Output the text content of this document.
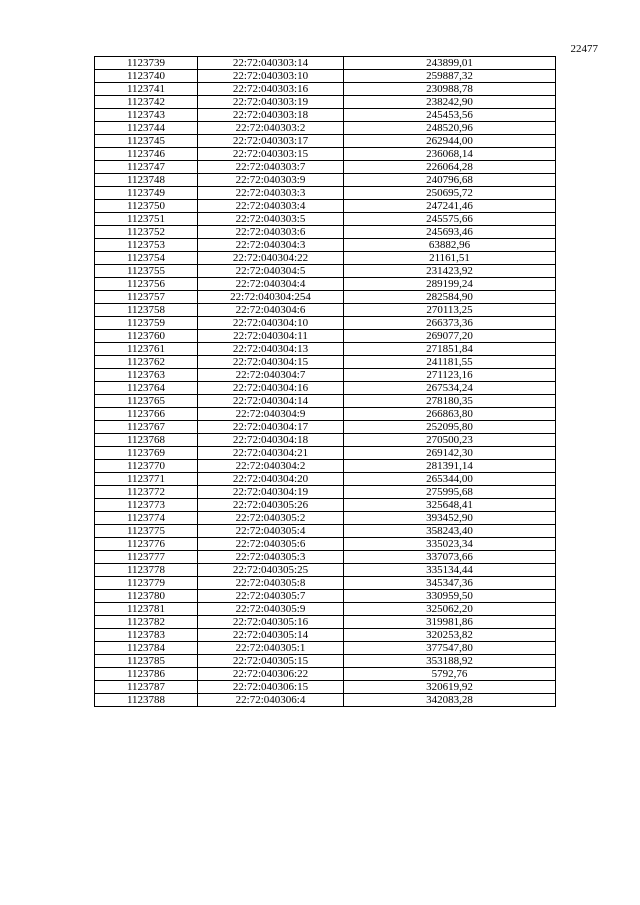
22477
1123739	22:72:040303:14	243899,01
1123740	22:72:040303:10	259887,32
1123741	22:72:040303:16	230988,78
1123742	22:72:040303:19	238242,90
1123743	22:72:040303:18	245453,56
1123744	22:72:040303:2	248520,96
1123745	22:72:040303:17	262944,00
1123746	22:72:040303:15	236068,14
1123747	22:72:040303:7	226064,28
1123748	22:72:040303:9	240796,68
1123749	22:72:040303:3	250695,72
1123750	22:72:040303:4	247241,46
1123751	22:72:040303:5	245575,66
1123752	22:72:040303:6	245693,46
1123753	22:72:040304:3	63882,96
1123754	22:72:040304:22	21161,51
1123755	22:72:040304:5	231423,92
1123756	22:72:040304:4	289199,24
1123757	22:72:040304:254	282584,90
1123758	22:72:040304:6	270113,25
1123759	22:72:040304:10	266373,36
1123760	22:72:040304:11	269077,20
1123761	22:72:040304:13	271851,84
1123762	22:72:040304:15	241181,55
1123763	22:72:040304:7	271123,16
1123764	22:72:040304:16	267534,24
1123765	22:72:040304:14	278180,35
1123766	22:72:040304:9	266863,80
1123767	22:72:040304:17	252095,80
1123768	22:72:040304:18	270500,23
1123769	22:72:040304:21	269142,30
1123770	22:72:040304:2	281391,14
1123771	22:72:040304:20	265344,00
1123772	22:72:040304:19	275995,68
1123773	22:72:040305:26	325648,41
1123774	22:72:040305:2	393452,90
1123775	22:72:040305:4	358243,40
1123776	22:72:040305:6	335023,34
1123777	22:72:040305:3	337073,66
1123778	22:72:040305:25	335134,44
1123779	22:72:040305:8	345347,36
1123780	22:72:040305:7	330959,50
1123781	22:72:040305:9	325062,20
1123782	22:72:040305:16	319981,86
1123783	22:72:040305:14	320253,82
1123784	22:72:040305:1	377547,80
1123785	22:72:040305:15	353188,92
1123786	22:72:040306:22	5792,76
1123787	22:72:040306:15	320619,92
1123788	22:72:040306:4	342083,28
